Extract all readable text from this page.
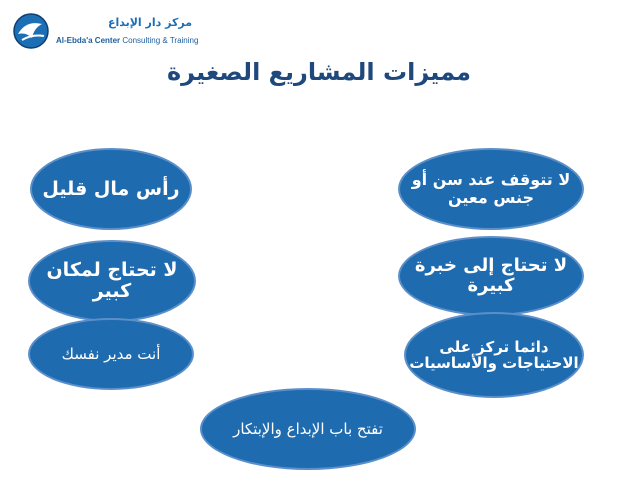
مركز دار الإبداع
Al-Ebda'a Center Consulting & Training
مميزات المشاريع الصغيرة
رأس مال قليل
لا تحتاج لمكان كبير
أنت مدير نفسك
لا تتوقف عند سن أو جنس معين
لا تحتاج إلى خبرة كبيرة
دائما تركز على الاحتياجات والأساسيات
تفتح باب الإبداع والإبتكار
